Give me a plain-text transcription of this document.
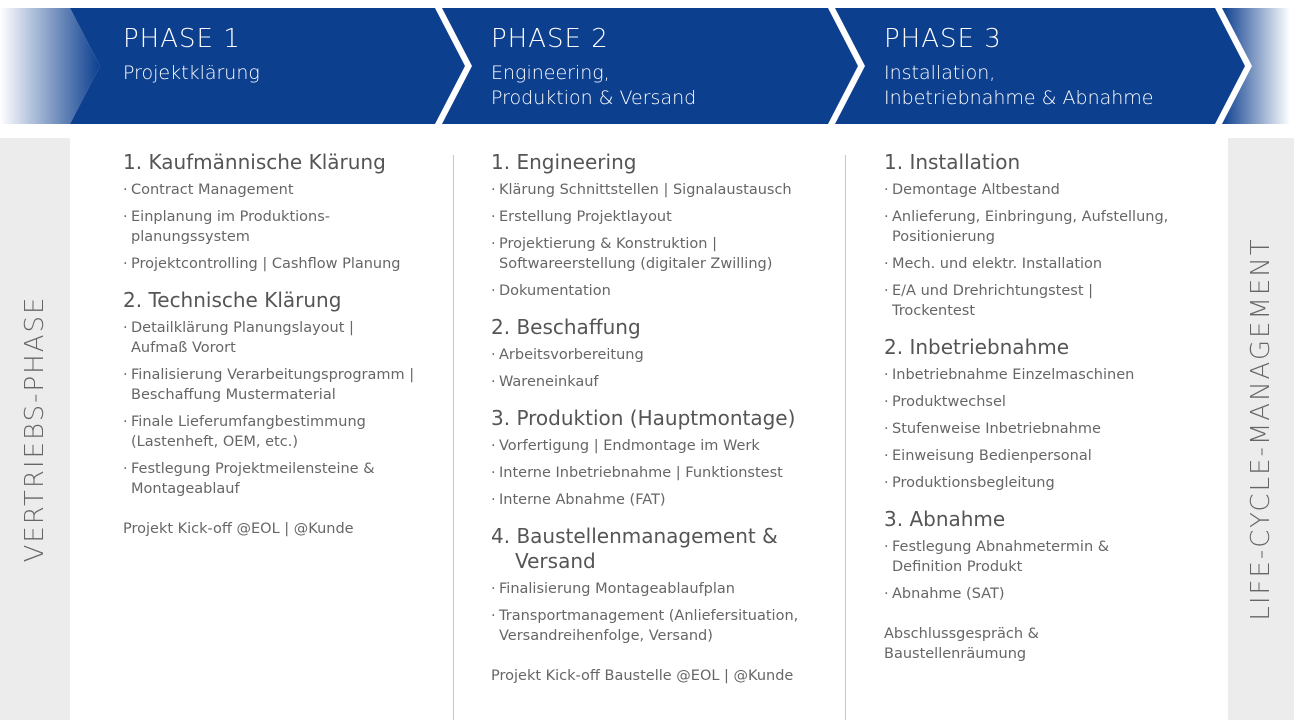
PHASE 1
Projektklärung
PHASE 2
Engineering,
Produktion & Versand
PHASE 3
Installation,
Inbetriebnahme & Abnahme
VERTRIEBS-PHASE	LIFE-CYCLE-MANAGEMENT
1. Kaufmännische Klärung
· Contract Management
· Einplanung im Produktions-
planungssystem
· Projektcontrolling | Cashflow Planung
2. Technische Klärung
· Detailklärung Planungslayout |
Aufmaß Vorort
· Finalisierung Verarbeitungsprogramm |
Beschaffung Mustermaterial
· Finale Lieferumfangbestimmung
(Lastenheft, OEM, etc.)
· Festlegung Projektmeilensteine &
Montageablauf
Projekt Kick-off @EOL | @Kunde
1. Engineering
· Klärung Schnittstellen | Signalaustausch
· Erstellung Projektlayout
· Projektierung & Konstruktion |
Softwareerstellung (digitaler Zwilling)
· Dokumentation
2. Beschaffung
· Arbeitsvorbereitung
· Wareneinkauf
3. Produktion (Hauptmontage)
· Vorfertigung | Endmontage im Werk
· Interne Inbetriebnahme | Funktionstest
· Interne Abnahme (FAT)
4. Baustellenmanagement &
Versand
· Finalisierung Montageablaufplan
· Transportmanagement (Anliefersituation,
Versandreihenfolge, Versand)
Projekt Kick-off Baustelle @EOL | @Kunde
1. Installation
· Demontage Altbestand
· Anlieferung, Einbringung, Aufstellung,
Positionierung
· Mech. und elektr. Installation
· E/A und Drehrichtungstest |
Trockentest
2. Inbetriebnahme
· Inbetriebnahme Einzelmaschinen
· Produktwechsel
· Stufenweise Inbetriebnahme
· Einweisung Bedienpersonal
· Produktionsbegleitung
3. Abnahme
· Festlegung Abnahmetermin &
Definition Produkt
· Abnahme (SAT)
Abschlussgespräch &
Baustellenräumung
